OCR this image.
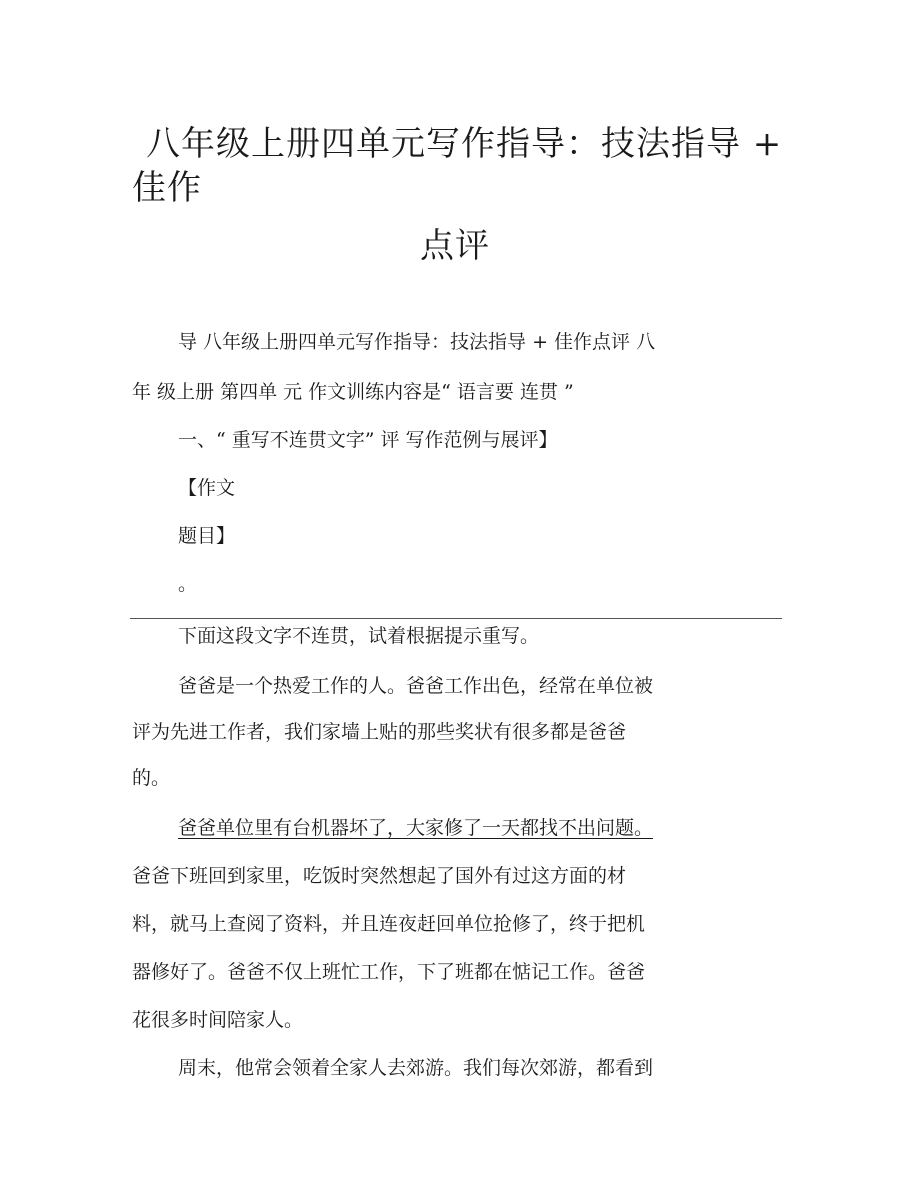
八年级上册四单元写作指导：技法指导 +
佳作
点评

导 八年级上册四单元写作指导：技法指导 + 佳作点评 八

年 级上册 第四单 元 作文训练内容是“ 语言要 连贯 ”

一、“ 重写不连贯文字” 评 写作范例与展评】

【作文

题目】

。

下面这段文字不连贯，试着根据提示重写。

爸爸是一个热爱工作的人。爸爸工作出色，经常在单位被

评为先进工作者，我们家墙上贴的那些奖状有很多都是爸爸

的。

爸爸单位里有台机器坏了，大家修了一天都找不出问题。

爸爸下班回到家里，吃饭时突然想起了国外有过这方面的材

料，就马上查阅了资料，并且连夜赶回单位抢修了，终于把机

器修好了。爸爸不仅上班忙工作，下了班都在惦记工作。爸爸

花很多时间陪家人。

周末，他常会领着全家人去郊游。我们每次郊游，都看到
